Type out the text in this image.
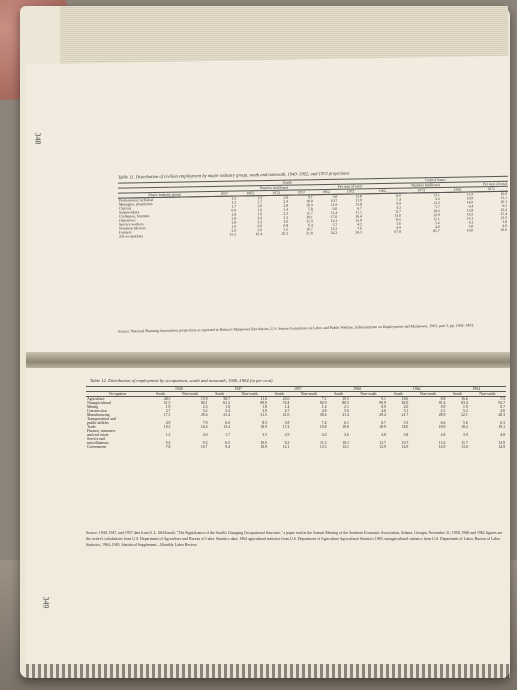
348
Table 11. Distribution of civilian employment by major industry group, south and nonsouth, 1940–1962, and 1972 projections
	South						United States			
	Number (millions)			Per cent of total			Number (millions)		Per cent of total	
Major industry group	1957	1962	1972	1957	1962	1972	1962	1972	1962	1972
Professional, technical	1.3	1.6	2.8	9.1	9.8	13.8	8.0	13.1	11.9	16.0
Managers, proprietors	1.5	1.7	2.4	10.0	10.7	11.0	7.4	9.2	10.9	11.1
Clerical	1.7	2.0	2.8	10.9	11.9	13.8	9.9	13.3	14.9	16.1
Salesworkers	0.9	1.0	1.4	5.8	6.0	6.7	4.3	5.7	6.4	6.5
Craftsmen, foremen	1.8	1.9	2.3	11.7	11.4	11.1	8.7	10.2	12.8	12.4
Operatives	2.8	2.9	3.3	18.1	17.0	16.4	13.0	12.9	16.5	15.4
Service workers	1.8	2.2	3.0	11.9	14.1	15.0	8.5	11.1	13.1	13.3
Nonfarm laborers	1.0	0.9	0.8	6.4	5.7	4.2	3.6	3.2	4.3	3.8
Farmers	2.6	2.0	1.5	16.7	12.3	7.6	4.9	4.0	5.0	4.0
All occupations	15.5	16.4	20.3	21.8	24.2	24.3	67.8	85.7	10.0	10.0
Source: National Planning Association projections as reported in Nation's Manpower Revolution, U.S. Senate Committee on Labor and Public Welfare, Subcommittee on Employment and Manpower, 1963, part 3, pp. 1402–1403.
Table 12. Distribution of employment by occupations, south and nonsouth, 1940–1964 (in per cent)
	1940		1947		1957		1960		1962		1964	
Occupation	South	Non-south	South	Non-south	South	Non-south	South	Non-south	South	Non-south	South	Non-south
Agriculture	48.5	15.9	38.7	11.0	25.0	7.1	19.5	9.1	18.0	8.8	16.6	7.5
Nonagricultural	51.5	84.1	61.3	89.0	74.4	92.9	80.5	90.9	82.0	91.4	83.4	92.7
Mining	1.9	2.3	1.8	1.8	1.4	1.4	2.1	0.9	2.0	0.9	1.9	0.7
Construction	2.7	3.2	3.4	3.0	4.7	4.8	5.0	4.6	5.1	4.1	5.2	4.6
Manufacturing	17.1	29.4	21.4	31.5	21.0	30.4	21.4	29.4	21.7	28.9	22.1	28.3
Transportation and												
public utilities	4.9	7.9	6.0	8.5	5.8	7.4	6.1	6.7	5.5	6.6	5.6	6.3
Trade	10.3	16.4	13.4	18.9	17.4	19.8	18.0	18.9	18.0	18.9	18.2	19.1
Finance, insurance												
and real estate	1.3	4.0	1.7	3.5	2.9	4.3	3.6	4.8	3.8	4.8	3.9	4.8
Service and												
miscellaneous	5.3	9.2	6.5	10.0	8.2	11.5	10.1	12.7	10.7	13.2	11.7	13.9
Government	7.8	10.7	9.4	10.9	12.1	13.3	14.1	13.9	14.9	14.9	13.0	14.9
Source: 1940, 1947, and 1957 data from S. L. McDonald, "The Significance of the South's Changing Occupational Structure," a paper read at the Annual Meeting of the Southern Economic Association, Atlanta, Georgia, November 21, 1958; 1960 and 1962 figures are the writer's calculations from U.S. Department of Agriculture and Bureau of Labor Statistics data; 1964 agricultural statistics from U.S. Department of Agriculture Agricultural Statistics 1965, nonagricultural statistics from U.S. Department of Labor, Bureau of Labor Statistics, 1964–1965, Statistical Supplement—Monthly Labor Review.
349
